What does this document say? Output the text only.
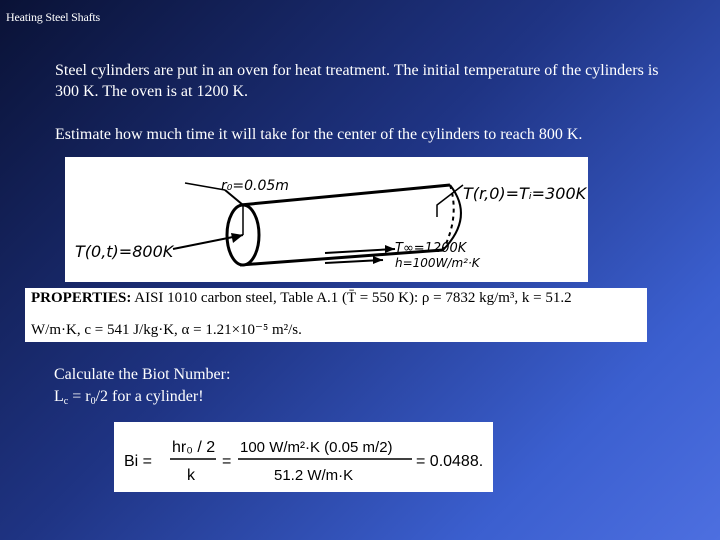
Heating Steel Shafts
Steel cylinders are put in an oven for heat treatment. The initial temperature of the cylinders is 300 K. The oven is at 1200 K.
Estimate how much time it will take for the center of the cylinders to reach 800 K.
r₀=0.05m
T(0,t)=800K
T(r,0)=Tᵢ=300K
T∞=1200K
h=100W/m²·K
PROPERTIES: AISI 1010 carbon steel, Table A.1 (T̄ = 550 K): ρ = 7832 kg/m³, k = 51.2
W/m·K, c = 541 J/kg·K, α = 1.21×10⁻⁵ m²/s.
Calculate the Biot Number:
$L_c = r_0/2$ for a cylinder!
Bi =
hr₀ / 2
k
=
100 W/m²·K (0.05 m/2)
51.2 W/m·K
= 0.0488.
